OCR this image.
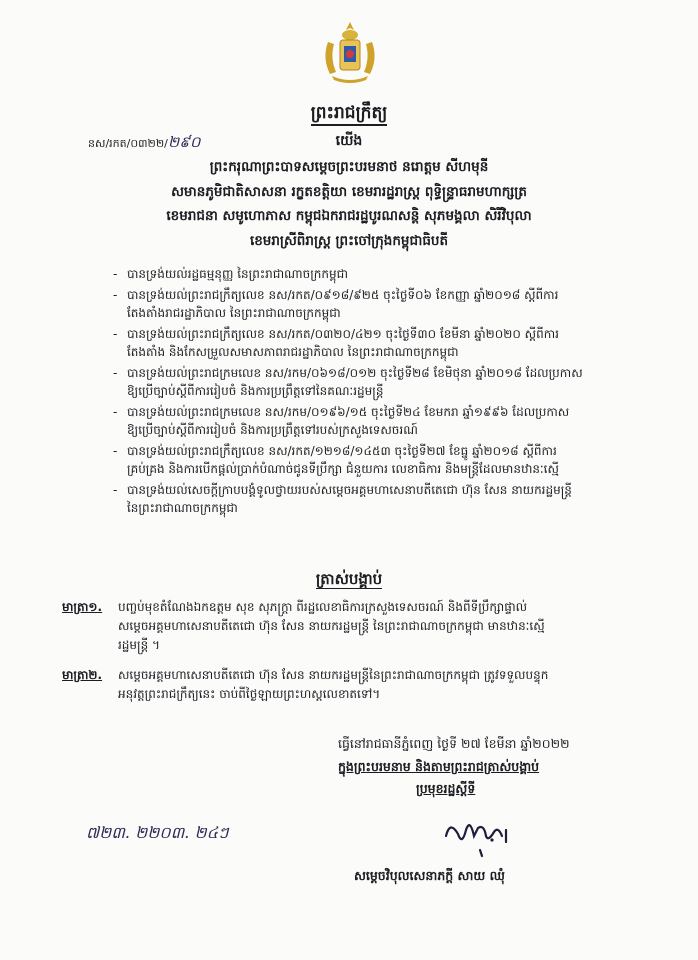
ព្រះរាជក្រឹត្យ
នស/រកត/០៣២២/២៩០	យើង
ព្រះករុណាព្រះបាទសម្តេចព្រះបរមនាថ នរោត្តម សីហមុនី
សមានភូមិជាតិសាសនា រក្ខតខត្តិយា ខេមរារដ្ឋរាស្ត្រ ពុទ្ធិន្ទ្រាធរាមហាក្សត្រ
ខេមរាជនា សមូហោភាស កម្ពុជឯករាជរដ្ឋបូរណសន្តិ សុភមង្គលា សិរីវិបុលា
ខេមរាស្រីពិរាស្ត្រ ព្រះចៅក្រុងកម្ពុជាធិបតី
- បានទ្រង់យល់រដ្ឋធម្មនុញ្ញ នៃព្រះរាជាណាចក្រកម្ពុជា
- បានទ្រង់យល់ព្រះរាជក្រឹត្យលេខ នស/រកត/០៩១៨/៩២៥ ចុះថ្ងៃទី០៦ ខែកញ្ញា ឆ្នាំ២០១៨ ស្តីពីការ
តែងតាំងរាជរដ្ឋាភិបាល នៃព្រះរាជាណាចក្រកម្ពុជា
- បានទ្រង់យល់ព្រះរាជក្រឹត្យលេខ នស/រកត/០៣២០/៤២១ ចុះថ្ងៃទី៣០ ខែមីនា ឆ្នាំ២០២០ ស្តីពីការ
តែងតាំង និងកែសម្រួលសមាសភាពរាជរដ្ឋាភិបាល នៃព្រះរាជាណាចក្រកម្ពុជា
- បានទ្រង់យល់ព្រះរាជក្រមលេខ នស/រកម/០៦១៨/០១២ ចុះថ្ងៃទី២៨ ខែមិថុនា ឆ្នាំ២០១៨ ដែលប្រកាស
ឱ្យប្រើច្បាប់ស្តីពីការរៀបចំ និងការប្រព្រឹត្តទៅនៃគណៈរដ្ឋមន្ត្រី
- បានទ្រង់យល់ព្រះរាជក្រមលេខ នស/រកម/០១៩៦/១៥ ចុះថ្ងៃទី២៤ ខែមករា ឆ្នាំ១៩៩៦ ដែលប្រកាស
ឱ្យប្រើច្បាប់ស្តីពីការរៀបចំ និងការប្រព្រឹត្តទៅរបស់ក្រសួងទេសចរណ៍
- បានទ្រង់យល់ព្រះរាជក្រឹត្យលេខ នស/រកត/១២១៨/១៤៥៣ ចុះថ្ងៃទី២៧ ខែធ្នូ ឆ្នាំ២០១៨ ស្តីពីការ
គ្រប់គ្រង និងការបើកផ្តល់ប្រាក់បំណាច់ជូនទីប្រឹក្សា ជំនួយការ លេខាធិការ និងមន្ត្រីដែលមានឋានៈស្មើ
- បានទ្រង់យល់សេចក្តីក្រាបបង្គំទូលថ្វាយរបស់សម្តេចអគ្គមហាសេនាបតីតេជោ ហ៊ុន សែន នាយករដ្ឋមន្ត្រី
នៃព្រះរាជាណាចក្រកម្ពុជា
ត្រាស់បង្គាប់
មាត្រា១. បញ្ចប់មុខតំណែងឯកឧត្តម សុខ សុភក្រ្តា ពីរដ្ឋលេខាធិការក្រសួងទេសចរណ៍ និងពីទីប្រឹក្សាផ្ទាល់
សម្តេចអគ្គមហាសេនាបតីតេជោ ហ៊ុន សែន នាយករដ្ឋមន្ត្រី នៃព្រះរាជាណាចក្រកម្ពុជា មានឋានៈស្មើ
រដ្ឋមន្ត្រី ។
មាត្រា២. សម្តេចអគ្គមហាសេនាបតីតេជោ ហ៊ុន សែន នាយករដ្ឋមន្ត្រីនៃព្រះរាជាណាចក្រកម្ពុជា ត្រូវទទួលបន្ទុក
អនុវត្តព្រះរាជក្រឹត្យនេះ ចាប់ពីថ្ងៃឡាយព្រះហស្តលេខាតទៅ។
ធ្វើនៅរាជធានីភ្នំពេញ ថ្ងៃទី ២៧ ខែមីនា ឆ្នាំ២០២២
ក្នុងព្រះបរមនាម និងតាមព្រះរាជត្រាស់បង្គាប់
ប្រមុខរដ្ឋស្តីទី
សម្តេចវិបុលសេនាភក្តី សាយ ឈុំ
៧២៣. ២២០៣. ២៤ៗ
